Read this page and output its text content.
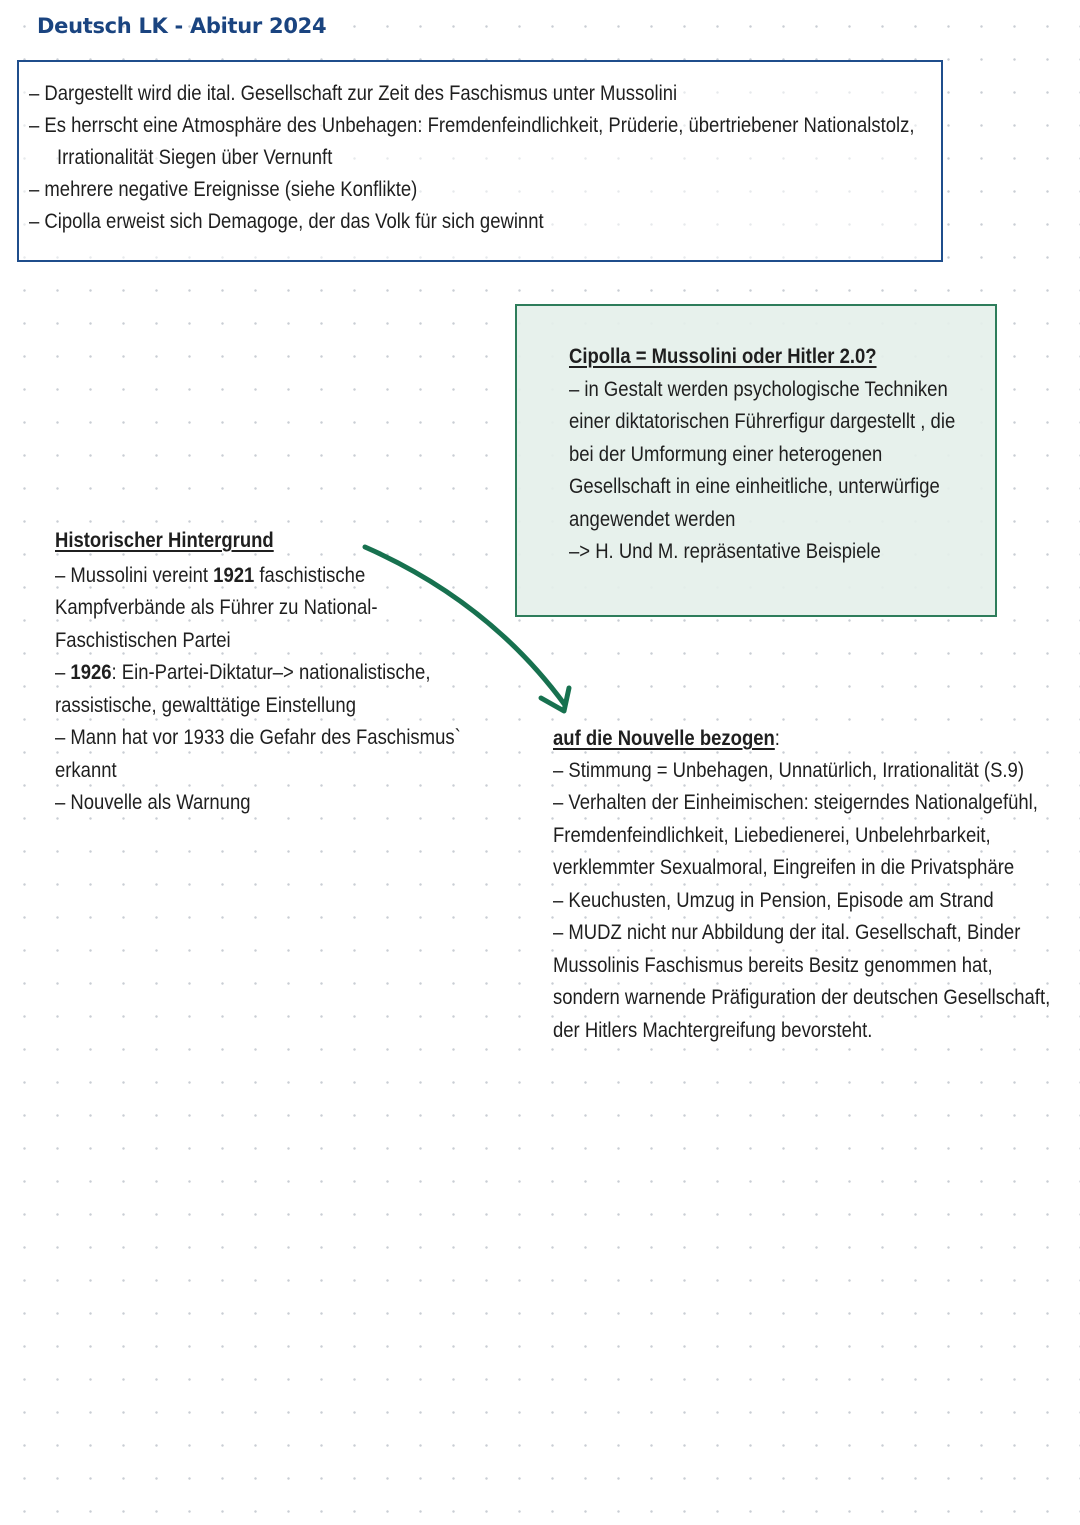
Deutsch LK - Abitur 2024
– Dargestellt wird die ital. Gesellschaft zur Zeit des Faschismus unter Mussolini
– Es herrscht eine Atmosphäre des Unbehagen: Fremdenfeindlichkeit, Prüderie, übertriebener Nationalstolz,
Irrationalität Siegen über Vernunft
– mehrere negative Ereignisse (siehe Konflikte)
– Cipolla erweist sich Demagoge, der das Volk für sich gewinnt
Cipolla = Mussolini oder Hitler 2.0?
– in Gestalt werden psychologische Techniken
einer diktatorischen Führerfigur dargestellt , die
bei der Umformung einer heterogenen
Gesellschaft in eine einheitliche, unterwürfige
angewendet werden
–> H. Und M. repräsentative Beispiele
Historischer Hintergrund
– Mussolini vereint 1921 faschistische
Kampfverbände als Führer zu National-
Faschistischen Partei
– 1926: Ein-Partei-Diktatur–> nationalistische,
rassistische, gewalttätige Einstellung
– Mann hat vor 1933 die Gefahr des Faschismus`
erkannt
– Nouvelle als Warnung
auf die Nouvelle bezogen:
– Stimmung = Unbehagen, Unnatürlich, Irrationalität (S.9)
– Verhalten der Einheimischen: steigerndes Nationalgefühl,
Fremdenfeindlichkeit, Liebedienerei, Unbelehrbarkeit,
verklemmter Sexualmoral, Eingreifen in die Privatsphäre
– Keuchusten, Umzug in Pension, Episode am Strand
– MUDZ nicht nur Abbildung der ital. Gesellschaft, Binder
Mussolinis Faschismus bereits Besitz genommen hat,
sondern warnende Präfiguration der deutschen Gesellschaft,
der Hitlers Machtergreifung bevorsteht.
